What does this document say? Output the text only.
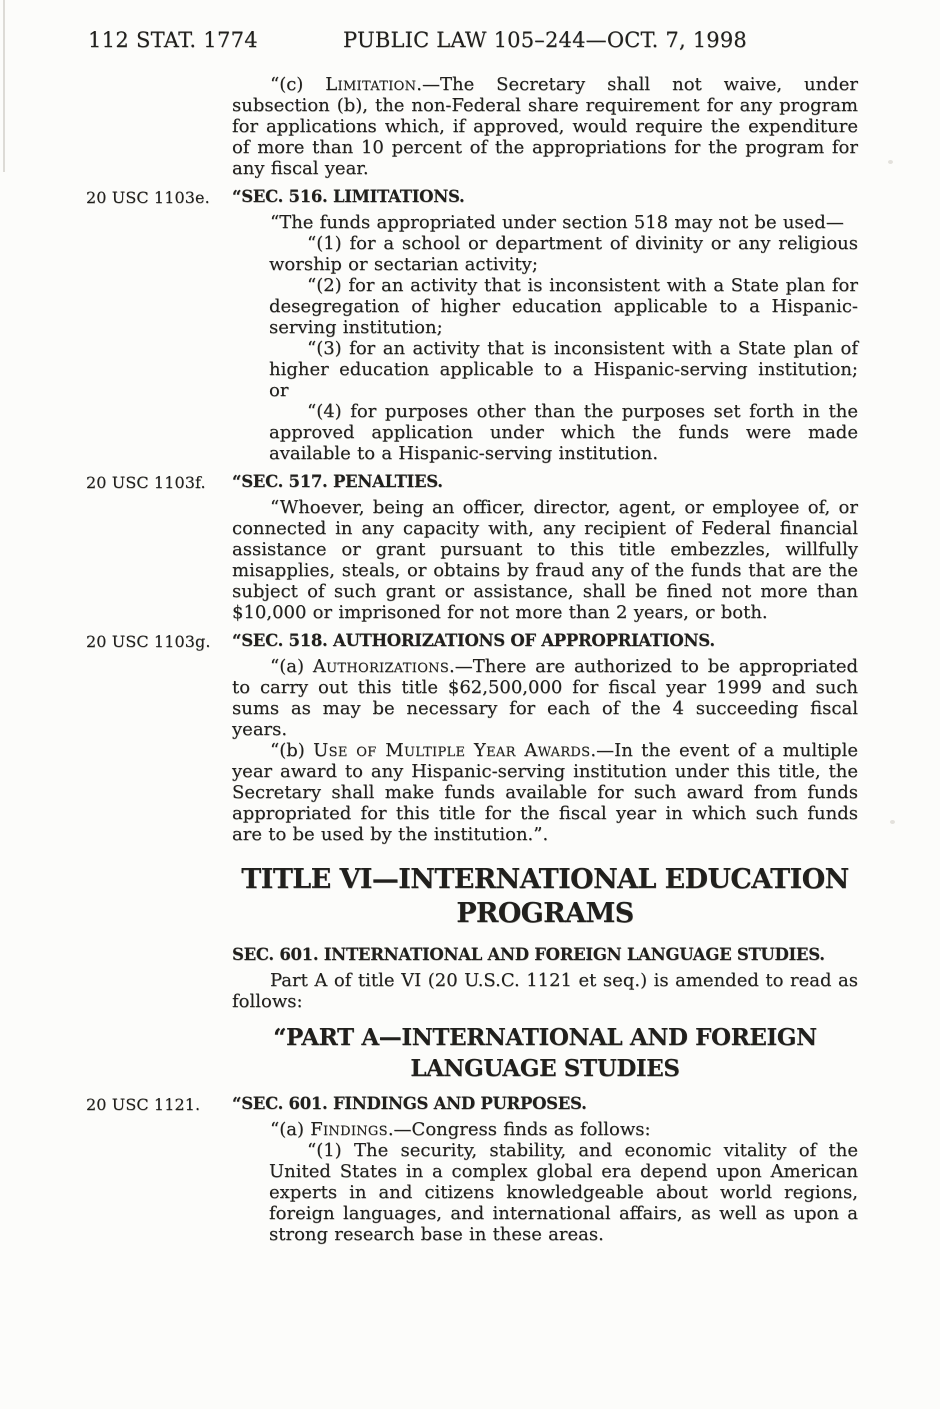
112 STAT. 1774	PUBLIC LAW 105–244—OCT. 7, 1998

“(c) Limitation.—The Secretary shall not waive, under subsection (b), the non-Federal share requirement for any program for applications which, if approved, would require the expenditure of more than 10 percent of the appropriations for the program for any fiscal year.

20 USC 1103e.	“SEC. 516. LIMITATIONS.

“The funds appropriated under section 518 may not be used—

“(1) for a school or department of divinity or any religious worship or sectarian activity;

“(2) for an activity that is inconsistent with a State plan for desegregation of higher education applicable to a Hispanic-serving institution;

“(3) for an activity that is inconsistent with a State plan of higher education applicable to a Hispanic-serving institution; or

“(4) for purposes other than the purposes set forth in the approved application under which the funds were made available to a Hispanic-serving institution.

20 USC 1103f.	“SEC. 517. PENALTIES.

“Whoever, being an officer, director, agent, or employee of, or connected in any capacity with, any recipient of Federal financial assistance or grant pursuant to this title embezzles, willfully misapplies, steals, or obtains by fraud any of the funds that are the subject of such grant or assistance, shall be fined not more than $10,000 or imprisoned for not more than 2 years, or both.

20 USC 1103g.	“SEC. 518. AUTHORIZATIONS OF APPROPRIATIONS.

“(a) Authorizations.—There are authorized to be appropriated to carry out this title $62,500,000 for fiscal year 1999 and such sums as may be necessary for each of the 4 succeeding fiscal years.

“(b) Use of Multiple Year Awards.—In the event of a multiple year award to any Hispanic-serving institution under this title, the Secretary shall make funds available for such award from funds appropriated for this title for the fiscal year in which such funds are to be used by the institution.”.

TITLE VI—INTERNATIONAL EDUCATION
PROGRAMS
SEC. 601. INTERNATIONAL AND FOREIGN LANGUAGE STUDIES.

Part A of title VI (20 U.S.C. 1121 et seq.) is amended to read as follows:

“PART A—INTERNATIONAL AND FOREIGN
LANGUAGE STUDIES
20 USC 1121.	“SEC. 601. FINDINGS AND PURPOSES.

“(a) Findings.—Congress finds as follows:

“(1) The security, stability, and economic vitality of the United States in a complex global era depend upon American experts in and citizens knowledgeable about world regions, foreign languages, and international affairs, as well as upon a strong research base in these areas.
